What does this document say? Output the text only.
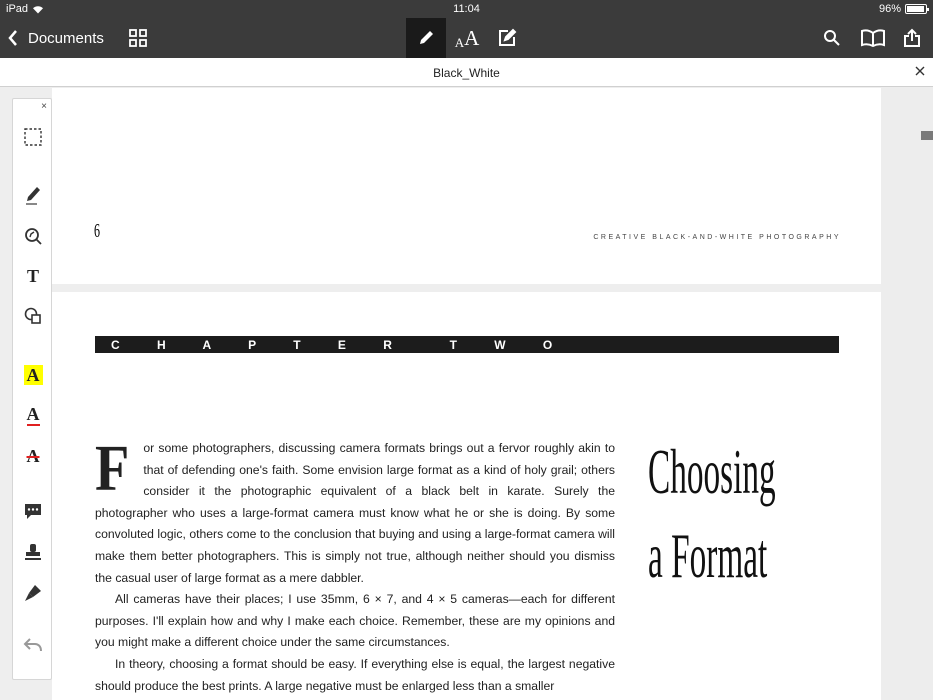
iPad	11:04	96%
Documents	A A
Black_White
6	CREATIVE BLACK-AND-WHITE PHOTOGRAPHY
C H A P T E R  T W O

F or some photographers, discussing camera formats brings out a fervor roughly akin to that of defending one's faith. Some envision large format as a kind of holy grail; others consider it the photographic equivalent of a black belt in karate. Surely the photographer who uses a large-format camera must know what he or she is doing. By some convoluted logic, others come to the conclusion that buying and using a large-format camera will make them better photographers. This is simply not true, although neither should you dismiss the casual user of large format as a mere dabbler.

All cameras have their places; I use 35mm, 6 × 7, and 4 × 5 cameras—each for different purposes. I'll explain how and why I make each choice. Remember, these are my opinions and you might make a different choice under the same circumstances.

In theory, choosing a format should be easy. If everything else is equal, the largest negative should produce the best prints. A large negative must be enlarged less than a smaller

Choosing
a Format
×
T
A
A
A
